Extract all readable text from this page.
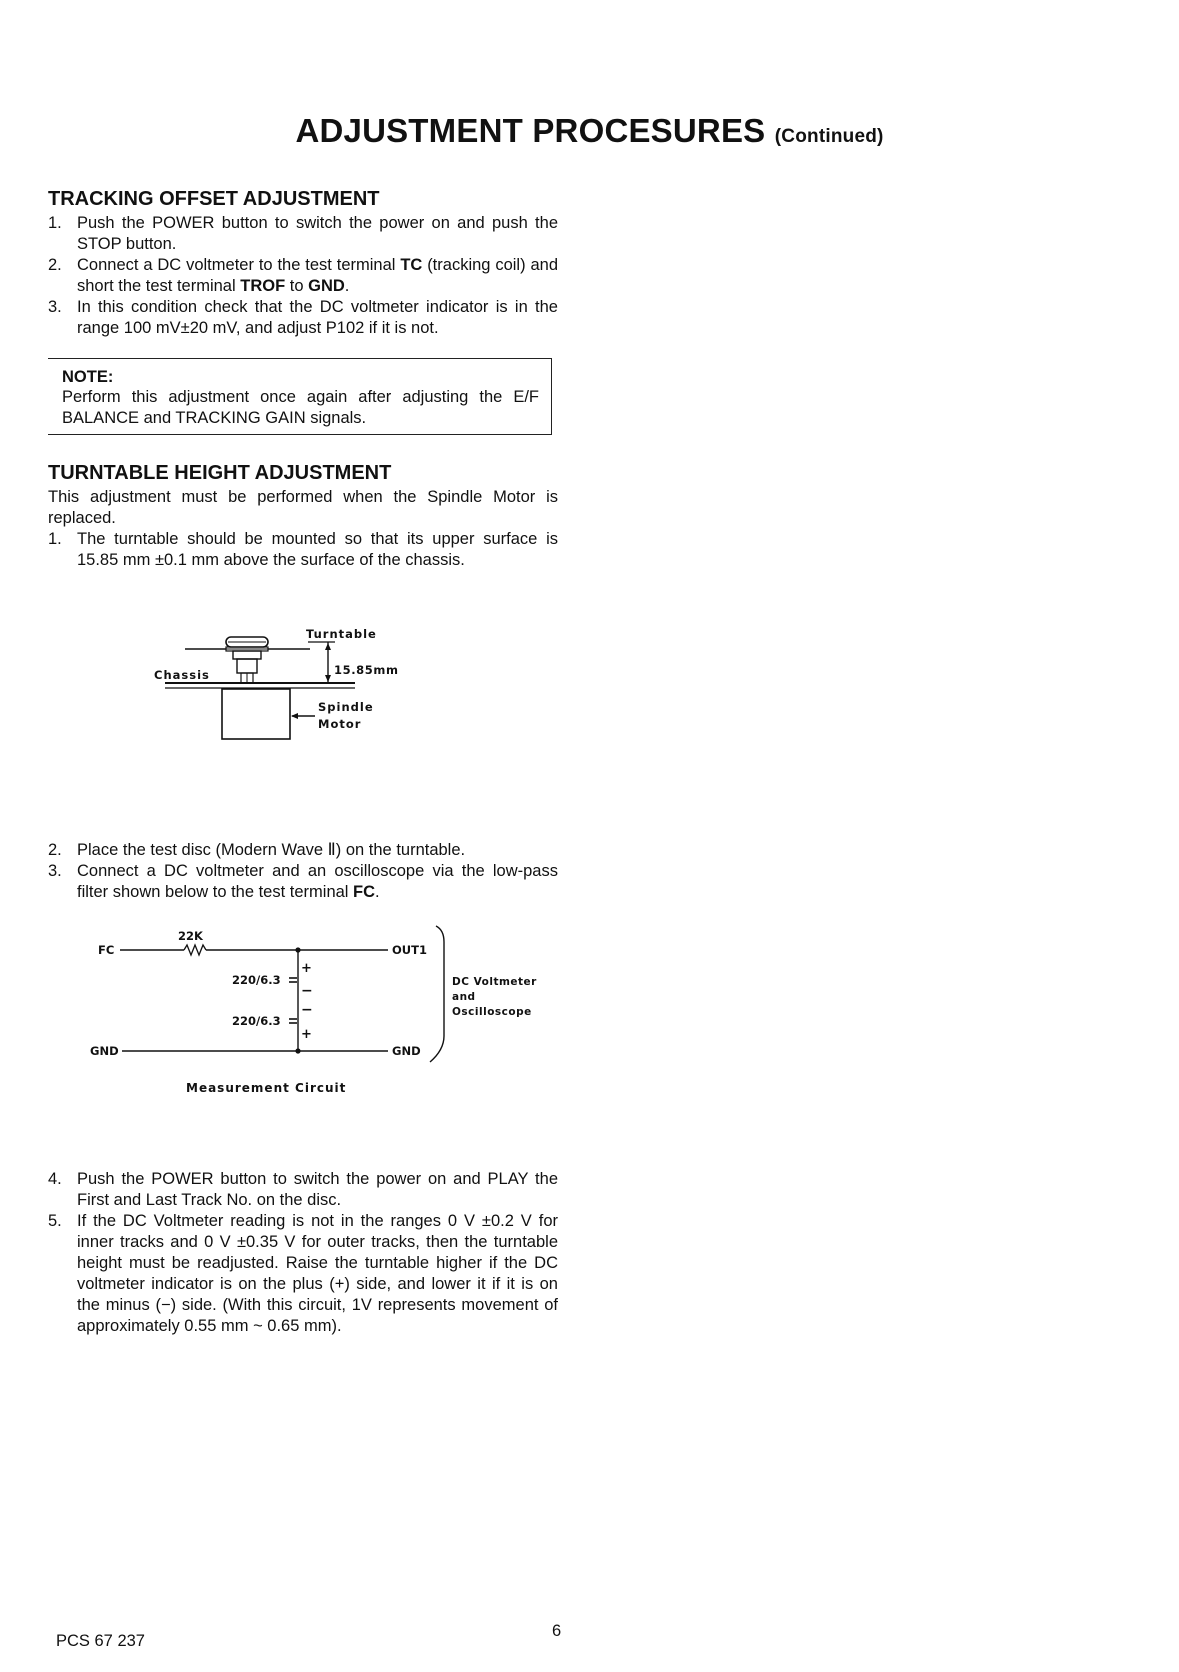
ADJUSTMENT PROCESURES (Continued)
TRACKING OFFSET ADJUSTMENT
1. Push the POWER button to switch the power on and push the STOP button.
2. Connect a DC voltmeter to the test terminal TC (tracking coil) and short the test terminal TROF to GND.
3. In this condition check that the DC voltmeter indicator is in the range 100 mV±20 mV, and adjust P102 if it is not.
NOTE:
Perform this adjustment once again after adjusting the E/F BALANCE and TRACKING GAIN signals.
TURNTABLE HEIGHT ADJUSTMENT

This adjustment must be performed when the Spindle Motor is replaced.

1. The turntable should be mounted so that its upper surface is 15.85 mm ±0.1 mm above the surface of the chassis.
Turntable
15.85mm
Chassis
Spindle
Motor
2. Place the test disc (Modern Wave Ⅱ) on the turntable.
3. Connect a DC voltmeter and an oscilloscope via the low-pass filter shown below to the test terminal FC.
22K
FC
GND
OUT1
GND
220/6.3
220/6.3
+
−
−
+
DC Voltmeter
and
Oscilloscope
Measurement Circuit
4. Push the POWER button to switch the power on and PLAY the First and Last Track No. on the disc.
5. If the DC Voltmeter reading is not in the ranges 0 V ±0.2 V for inner tracks and 0 V ±0.35 V for outer tracks, then the turntable height must be readjusted. Raise the turntable higher if the DC voltmeter indicator is on the plus (+) side, and lower it if it is on the minus (−) side. (With this circuit, 1V represents movement of approximately 0.55 mm ~ 0.65 mm).
PCS 67 237
6
